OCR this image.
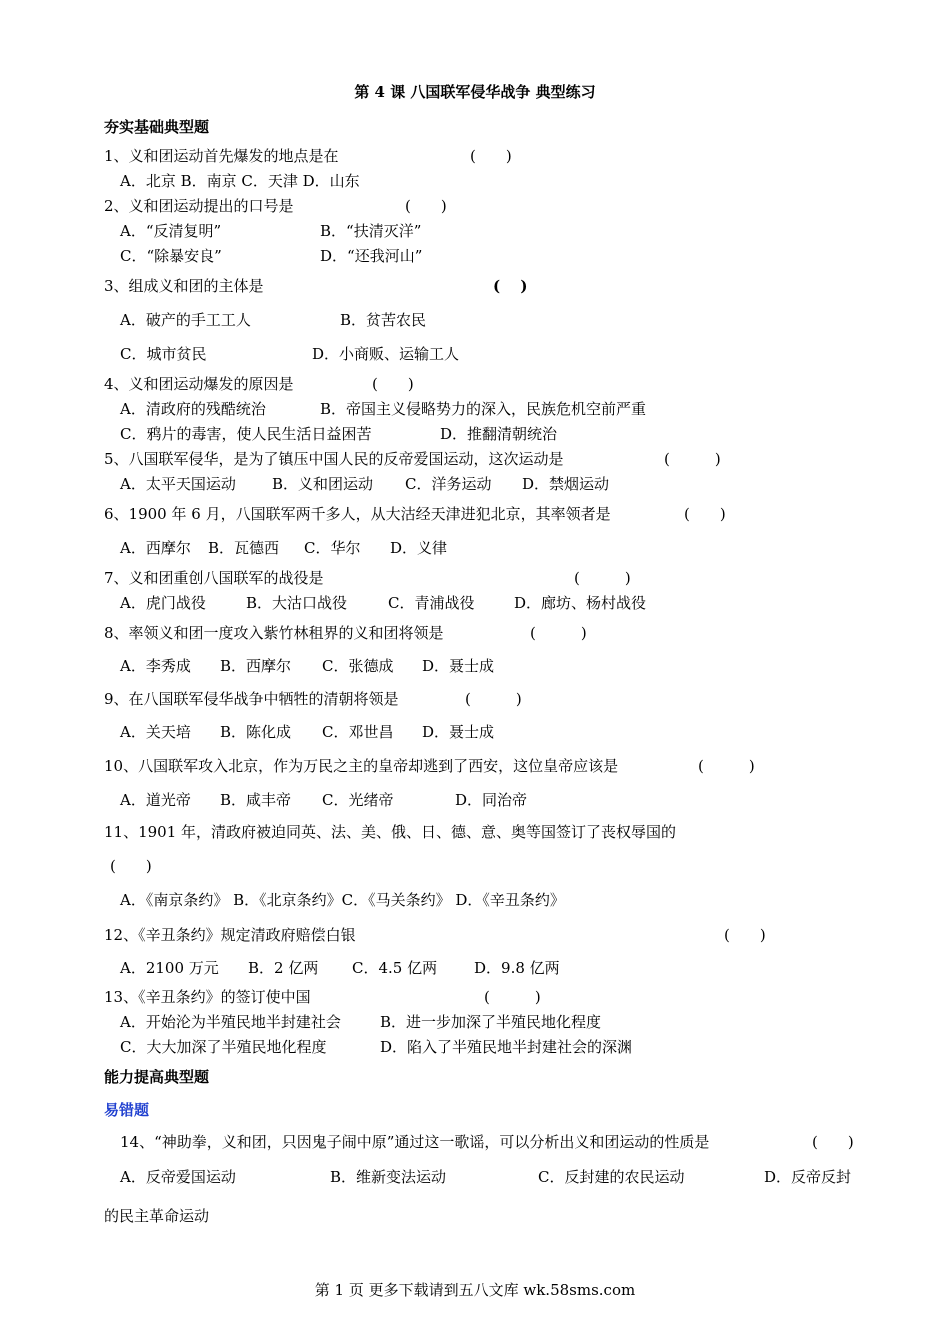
第 4 课 八国联军侵华战争 典型练习
夯实基础典型题
1、义和团运动首先爆发的地点是在	(　　)
A．北京 B．南京 C．天津 D．山东
2、义和团运动提出的口号是	(　　)
A．“反清复明”	B．“扶清灭洋”
C．“除暴安良”	D．“还我河山”
3、组成义和团的主体是	(　 )
A．破产的手工工人	B．贫苦农民
C．城市贫民	D．小商贩、运输工人
4、义和团运动爆发的原因是	(　　)
A．清政府的残酷统治	B．帝国主义侵略势力的深入，民族危机空前严重
C．鸦片的毒害，使人民生活日益困苦	D．推翻清朝统治
5、八国联军侵华，是为了镇压中国人民的反帝爱国运动，这次运动是	(　　　)
A．太平天国运动 B．义和团运动 C．洋务运动 D．禁烟运动
6、1900 年 6 月，八国联军两千多人，从大沽经天津进犯北京，其率领者是	(　　)
A．西摩尔 B．瓦德西 C．华尔 D．义律
7、义和团重创八国联军的战役是	(　　　)
A．虎门战役	B．大沽口战役	C．青浦战役	D．廊坊、杨村战役
8、率领义和团一度攻入紫竹林租界的义和团将领是	(　　　)
A．李秀成 B．西摩尔 C．张德成 D．聂士成
9、在八国联军侵华战争中牺牲的清朝将领是	(　　　)
A．关天培 B．陈化成 C．邓世昌 D．聂士成
10、八国联军攻入北京，作为万民之主的皇帝却逃到了西安，这位皇帝应该是	(　　　)
A．道光帝 B．咸丰帝 C．光绪帝	D．同治帝
11、1901 年，清政府被迫同英、法、美、俄、日、德、意、奥等国签订了丧权辱国的
(　　)
A．《南京条约》 B．《北京条约》C．《马关条约》 D．《辛丑条约》
12、《辛丑条约》规定清政府赔偿白银	(　　)
A．2100 万元 B．2 亿两 C．4.5 亿两 D．9.8 亿两
13、《辛丑条约》的签订使中国	(　　　)
A．开始沦为半殖民地半封建社会	B．进一步加深了半殖民地化程度
C．大大加深了半殖民地化程度	D．陷入了半殖民地半封建社会的深渊
能力提高典型题
易错题
14、“神助拳，义和团，只因鬼子闹中原”通过这一歌谣，可以分析出义和团运动的性质是	(　　)
A．反帝爱国运动	B．维新变法运动	C．反封建的农民运动	D．反帝反封
的民主革命运动
第 1 页 更多下载请到五八文库 wk.58sms.com
